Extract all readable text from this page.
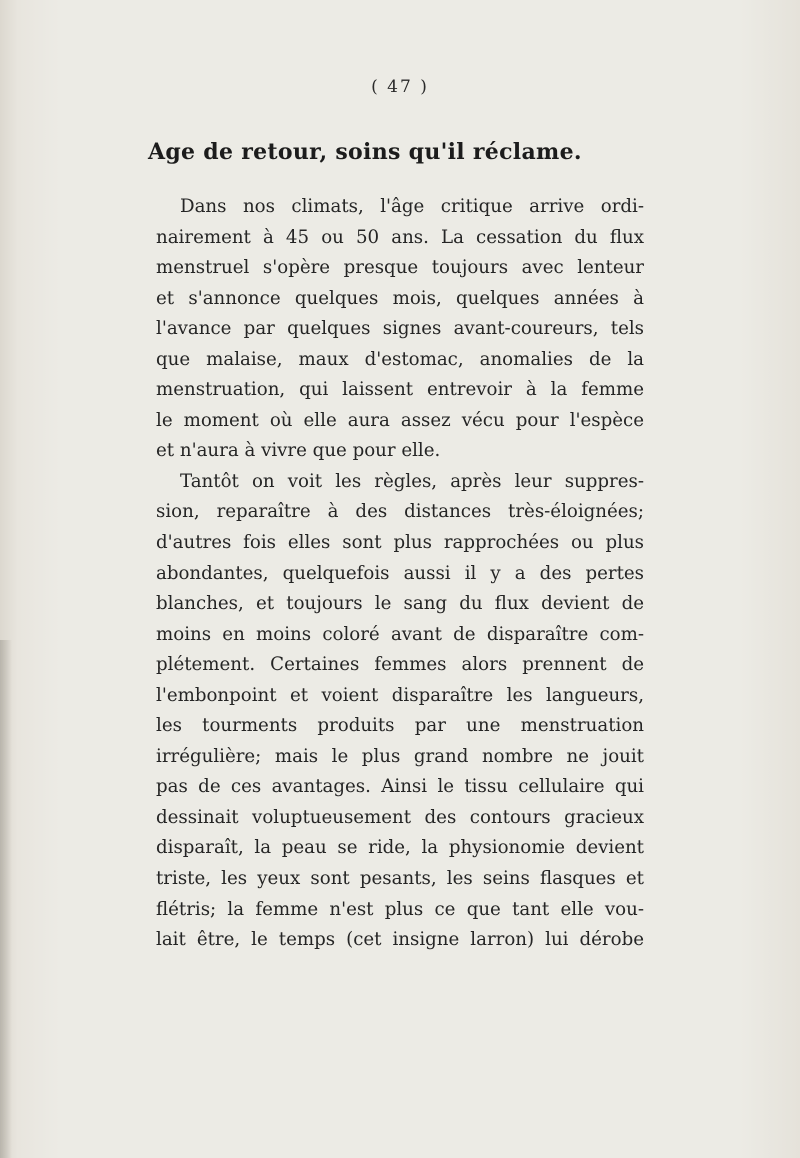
( 47 )
Age de retour, soins qu'il réclame.
Dans nos climats, l'âge critique arrive ordi-
nairement à 45 ou 50 ans. La cessation du flux
menstruel s'opère presque toujours avec lenteur
et s'annonce quelques mois, quelques années à
l'avance par quelques signes avant-coureurs, tels
que malaise, maux d'estomac, anomalies de la
menstruation, qui laissent entrevoir à la femme
le moment où elle aura assez vécu pour l'espèce
et n'aura à vivre que pour elle.
Tantôt on voit les règles, après leur suppres-
sion, reparaître à des distances très-éloignées;
d'autres fois elles sont plus rapprochées ou plus
abondantes, quelquefois aussi il y a des pertes
blanches, et toujours le sang du flux devient de
moins en moins coloré avant de disparaître com-
plétement. Certaines femmes alors prennent de
l'embonpoint et voient disparaître les langueurs,
les tourments produits par une menstruation
irrégulière; mais le plus grand nombre ne jouit
pas de ces avantages. Ainsi le tissu cellulaire qui
dessinait voluptueusement des contours gracieux
disparaît, la peau se ride, la physionomie devient
triste, les yeux sont pesants, les seins flasques et
flétris; la femme n'est plus ce que tant elle vou-
lait être, le temps (cet insigne larron) lui dérobe
